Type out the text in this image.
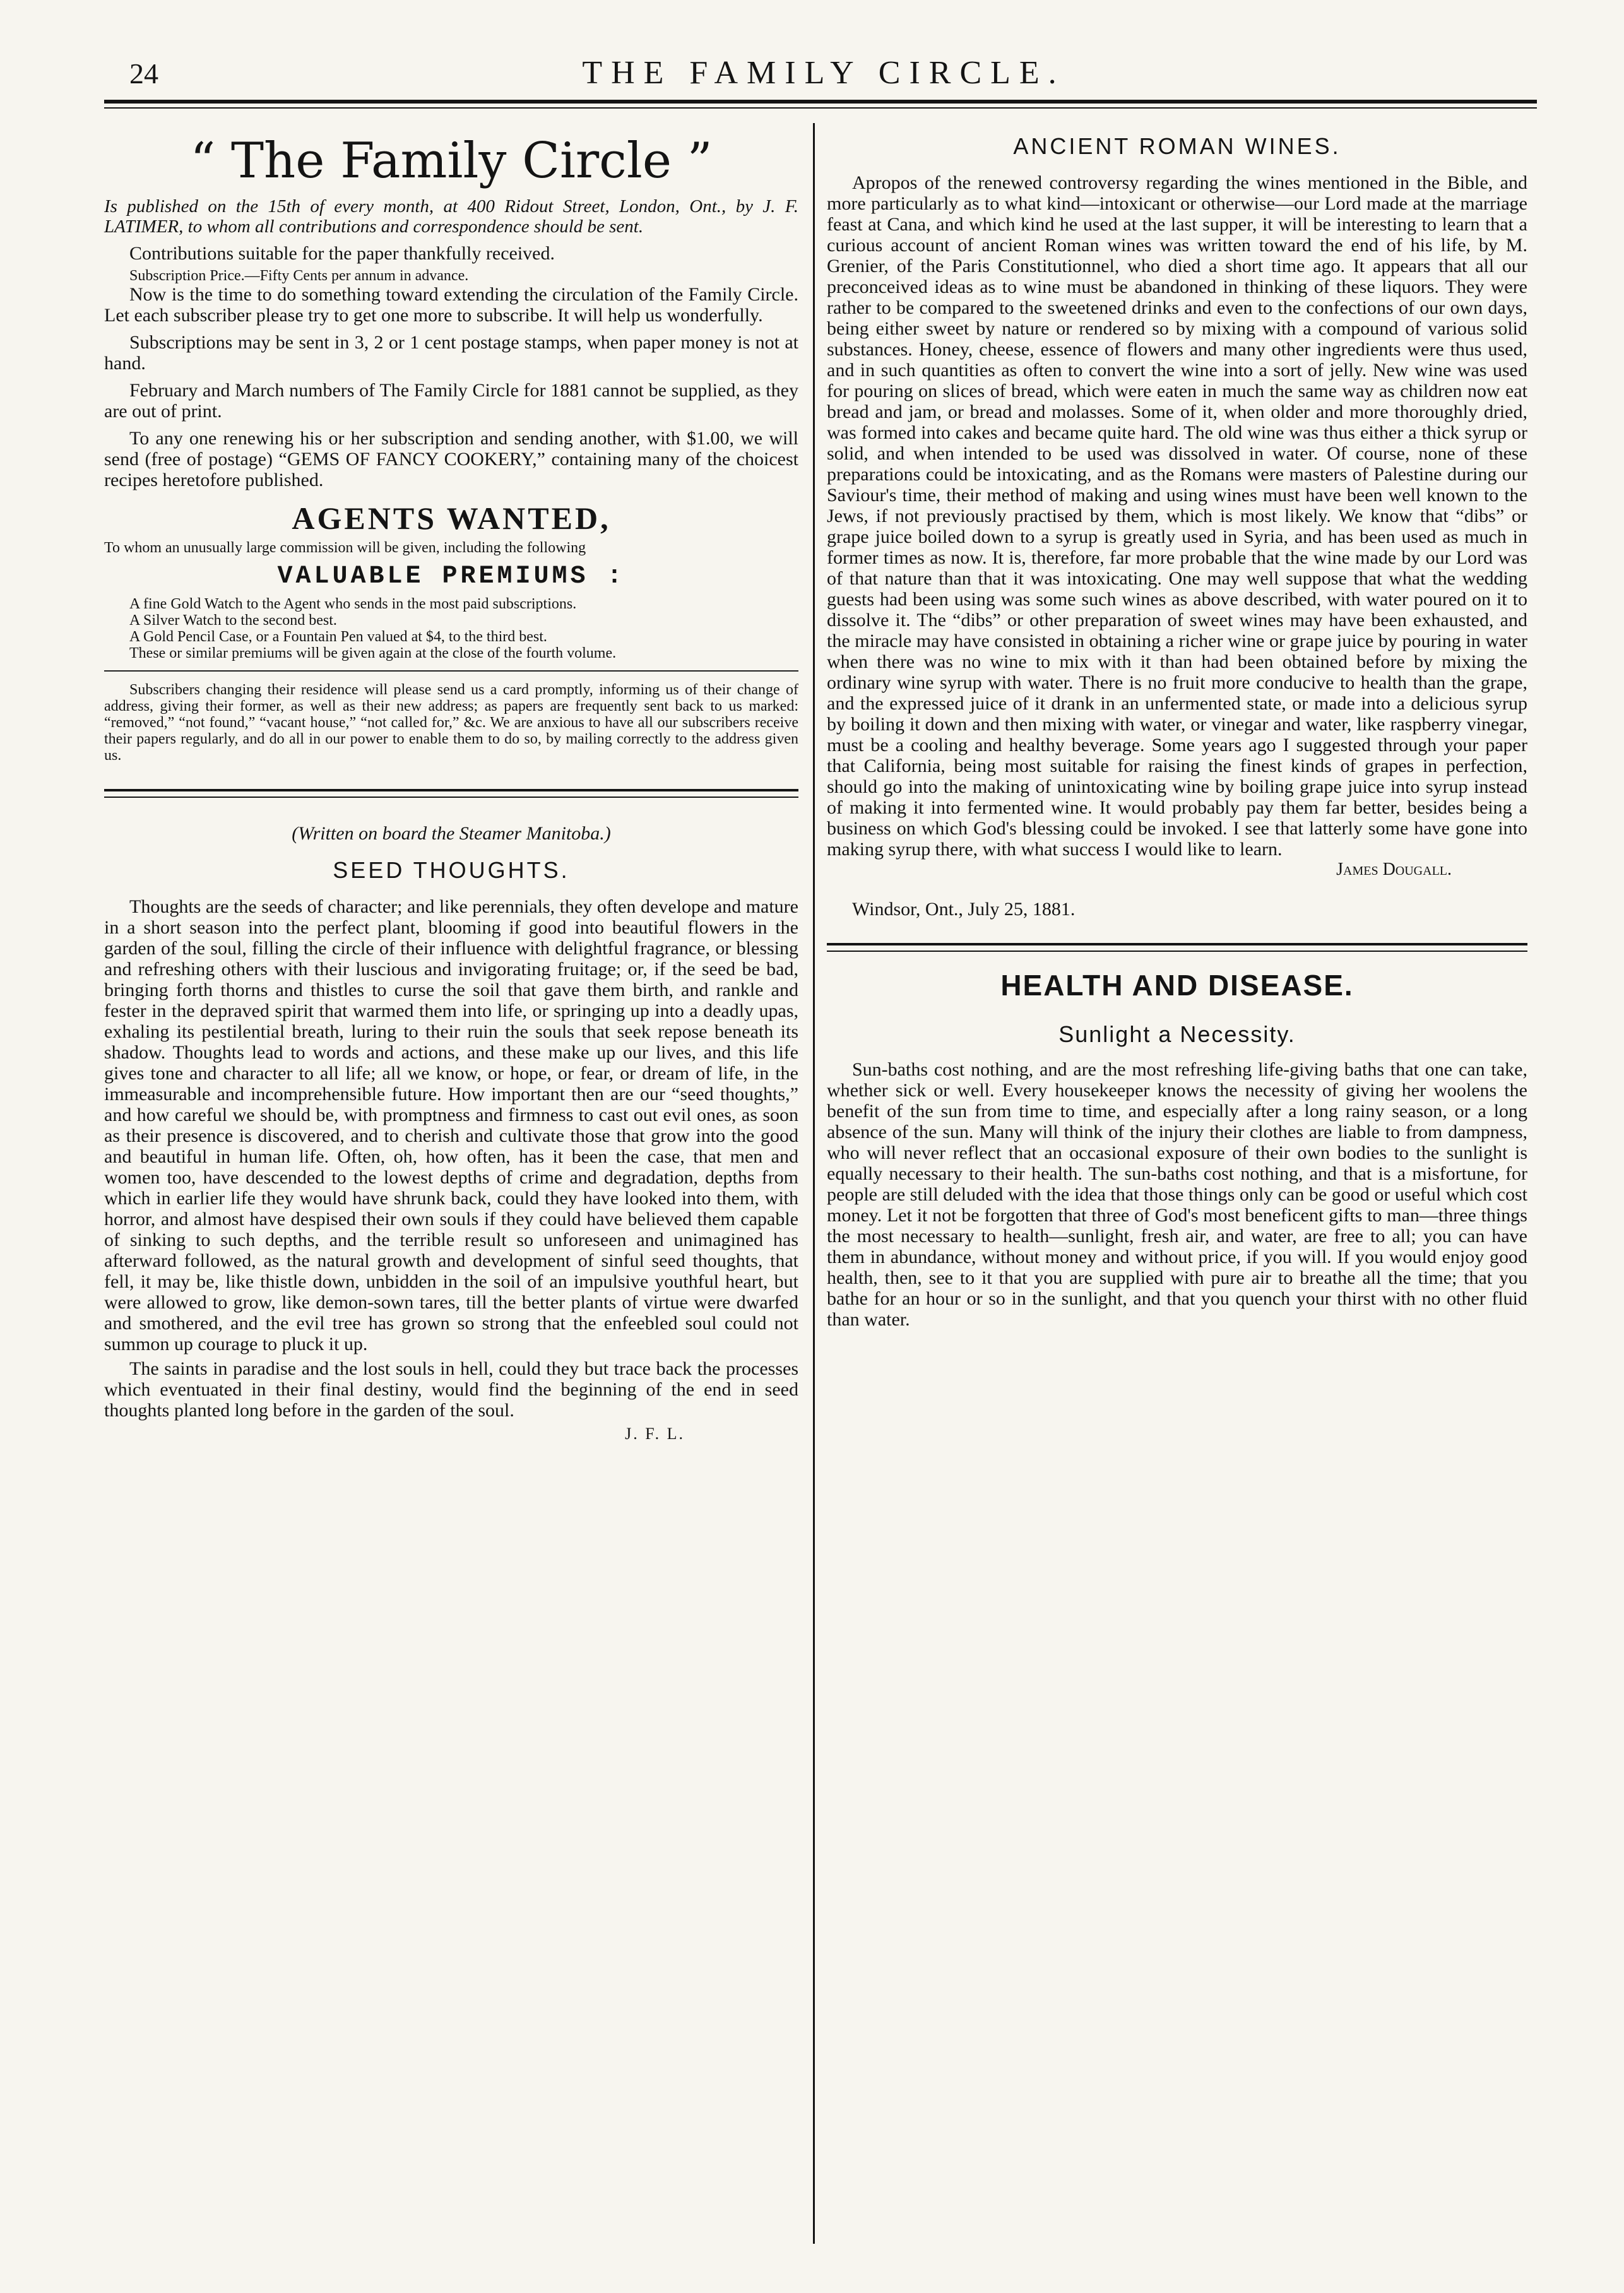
24	THE FAMILY CIRCLE.
“ The Family Circle ”

Is published on the 15th of every month, at 400 Ridout Street, London, Ont., by J. F. LATIMER, to whom all contributions and correspondence should be sent.

Contributions suitable for the paper thankfully received.

Subscription Price.—Fifty Cents per annum in advance.

Now is the time to do something toward extending the circulation of the Family Circle. Let each subscriber please try to get one more to subscribe. It will help us wonderfully.

Subscriptions may be sent in 3, 2 or 1 cent postage stamps, when paper money is not at hand.

February and March numbers of The Family Circle for 1881 cannot be supplied, as they are out of print.

To any one renewing his or her subscription and sending another, with $1.00, we will send (free of postage) “GEMS OF FANCY COOKERY,” containing many of the choicest recipes heretofore published.

AGENTS WANTED,

To whom an unusually large commission will be given, including the following

VALUABLE PREMIUMS :

A fine Gold Watch to the Agent who sends in the most paid subscriptions.

A Silver Watch to the second best.

A Gold Pencil Case, or a Fountain Pen valued at $4, to the third best.

These or similar premiums will be given again at the close of the fourth volume.

Subscribers changing their residence will please send us a card promptly, informing us of their change of address, giving their former, as well as their new address; as papers are frequently sent back to us marked: “removed,” “not found,” “vacant house,” “not called for,” &c. We are anxious to have all our subscribers receive their papers regularly, and do all in our power to enable them to do so, by mailing correctly to the address given us.

(Written on board the Steamer Manitoba.)
SEED THOUGHTS.

Thoughts are the seeds of character; and like perennials, they often develope and mature in a short season into the perfect plant, blooming if good into beautiful flowers in the garden of the soul, filling the circle of their influence with delightful fragrance, or blessing and refreshing others with their luscious and invigorating fruitage; or, if the seed be bad, bringing forth thorns and thistles to curse the soil that gave them birth, and rankle and fester in the depraved spirit that warmed them into life, or springing up into a deadly upas, exhaling its pestilential breath, luring to their ruin the souls that seek repose beneath its shadow. Thoughts lead to words and actions, and these make up our lives, and this life gives tone and character to all life; all we know, or hope, or fear, or dream of life, in the immeasurable and incomprehensible future. How important then are our “seed thoughts,” and how careful we should be, with promptness and firmness to cast out evil ones, as soon as their presence is discovered, and to cherish and cultivate those that grow into the good and beautiful in human life. Often, oh, how often, has it been the case, that men and women too, have descended to the lowest depths of crime and degradation, depths from which in earlier life they would have shrunk back, could they have looked into them, with horror, and almost have despised their own souls if they could have believed them capable of sinking to such depths, and the terrible result so unforeseen and unimagined has afterward followed, as the natural growth and development of sinful seed thoughts, that fell, it may be, like thistle down, unbidden in the soil of an impulsive youthful heart, but were allowed to grow, like demon-sown tares, till the better plants of virtue were dwarfed and smothered, and the evil tree has grown so strong that the enfeebled soul could not summon up courage to pluck it up.

The saints in paradise and the lost souls in hell, could they but trace back the processes which eventuated in their final destiny, would find the beginning of the end in seed thoughts planted long before in the garden of the soul.

J. F. L.
ANCIENT ROMAN WINES.

Apropos of the renewed controversy regarding the wines mentioned in the Bible, and more particularly as to what kind—intoxicant or otherwise—our Lord made at the marriage feast at Cana, and which kind he used at the last supper, it will be interesting to learn that a curious account of ancient Roman wines was written toward the end of his life, by M. Grenier, of the Paris Constitutionnel, who died a short time ago. It appears that all our preconceived ideas as to wine must be abandoned in thinking of these liquors. They were rather to be compared to the sweetened drinks and even to the confections of our own days, being either sweet by nature or rendered so by mixing with a compound of various solid substances. Honey, cheese, essence of flowers and many other ingredients were thus used, and in such quantities as often to convert the wine into a sort of jelly. New wine was used for pouring on slices of bread, which were eaten in much the same way as children now eat bread and jam, or bread and molasses. Some of it, when older and more thoroughly dried, was formed into cakes and became quite hard. The old wine was thus either a thick syrup or solid, and when intended to be used was dissolved in water. Of course, none of these preparations could be intoxicating, and as the Romans were masters of Palestine during our Saviour's time, their method of making and using wines must have been well known to the Jews, if not previously practised by them, which is most likely. We know that “dibs” or grape juice boiled down to a syrup is greatly used in Syria, and has been used as much in former times as now. It is, therefore, far more probable that the wine made by our Lord was of that nature than that it was intoxicating. One may well suppose that what the wedding guests had been using was some such wines as above described, with water poured on it to dissolve it. The “dibs” or other preparation of sweet wines may have been exhausted, and the miracle may have consisted in obtaining a richer wine or grape juice by pouring in water when there was no wine to mix with it than had been obtained before by mixing the ordinary wine syrup with water. There is no fruit more conducive to health than the grape, and the expressed juice of it drank in an unfermented state, or made into a delicious syrup by boiling it down and then mixing with water, or vinegar and water, like raspberry vinegar, must be a cooling and healthy beverage. Some years ago I suggested through your paper that California, being most suitable for raising the finest kinds of grapes in perfection, should go into the making of unintoxicating wine by boiling grape juice into syrup instead of making it into fermented wine. It would probably pay them far better, besides being a business on which God's blessing could be invoked. I see that latterly some have gone into making syrup there, with what success I would like to learn.

James Dougall.
Windsor, Ont., July 25, 1881.
HEALTH AND DISEASE.
Sunlight a Necessity.

Sun-baths cost nothing, and are the most refreshing life-giving baths that one can take, whether sick or well. Every housekeeper knows the necessity of giving her woolens the benefit of the sun from time to time, and especially after a long rainy season, or a long absence of the sun. Many will think of the injury their clothes are liable to from dampness, who will never reflect that an occasional exposure of their own bodies to the sunlight is equally necessary to their health. The sun-baths cost nothing, and that is a misfortune, for people are still deluded with the idea that those things only can be good or useful which cost money. Let it not be forgotten that three of God's most beneficent gifts to man—three things the most necessary to health—sunlight, fresh air, and water, are free to all; you can have them in abundance, without money and without price, if you will. If you would enjoy good health, then, see to it that you are supplied with pure air to breathe all the time; that you bathe for an hour or so in the sunlight, and that you quench your thirst with no other fluid than water.
